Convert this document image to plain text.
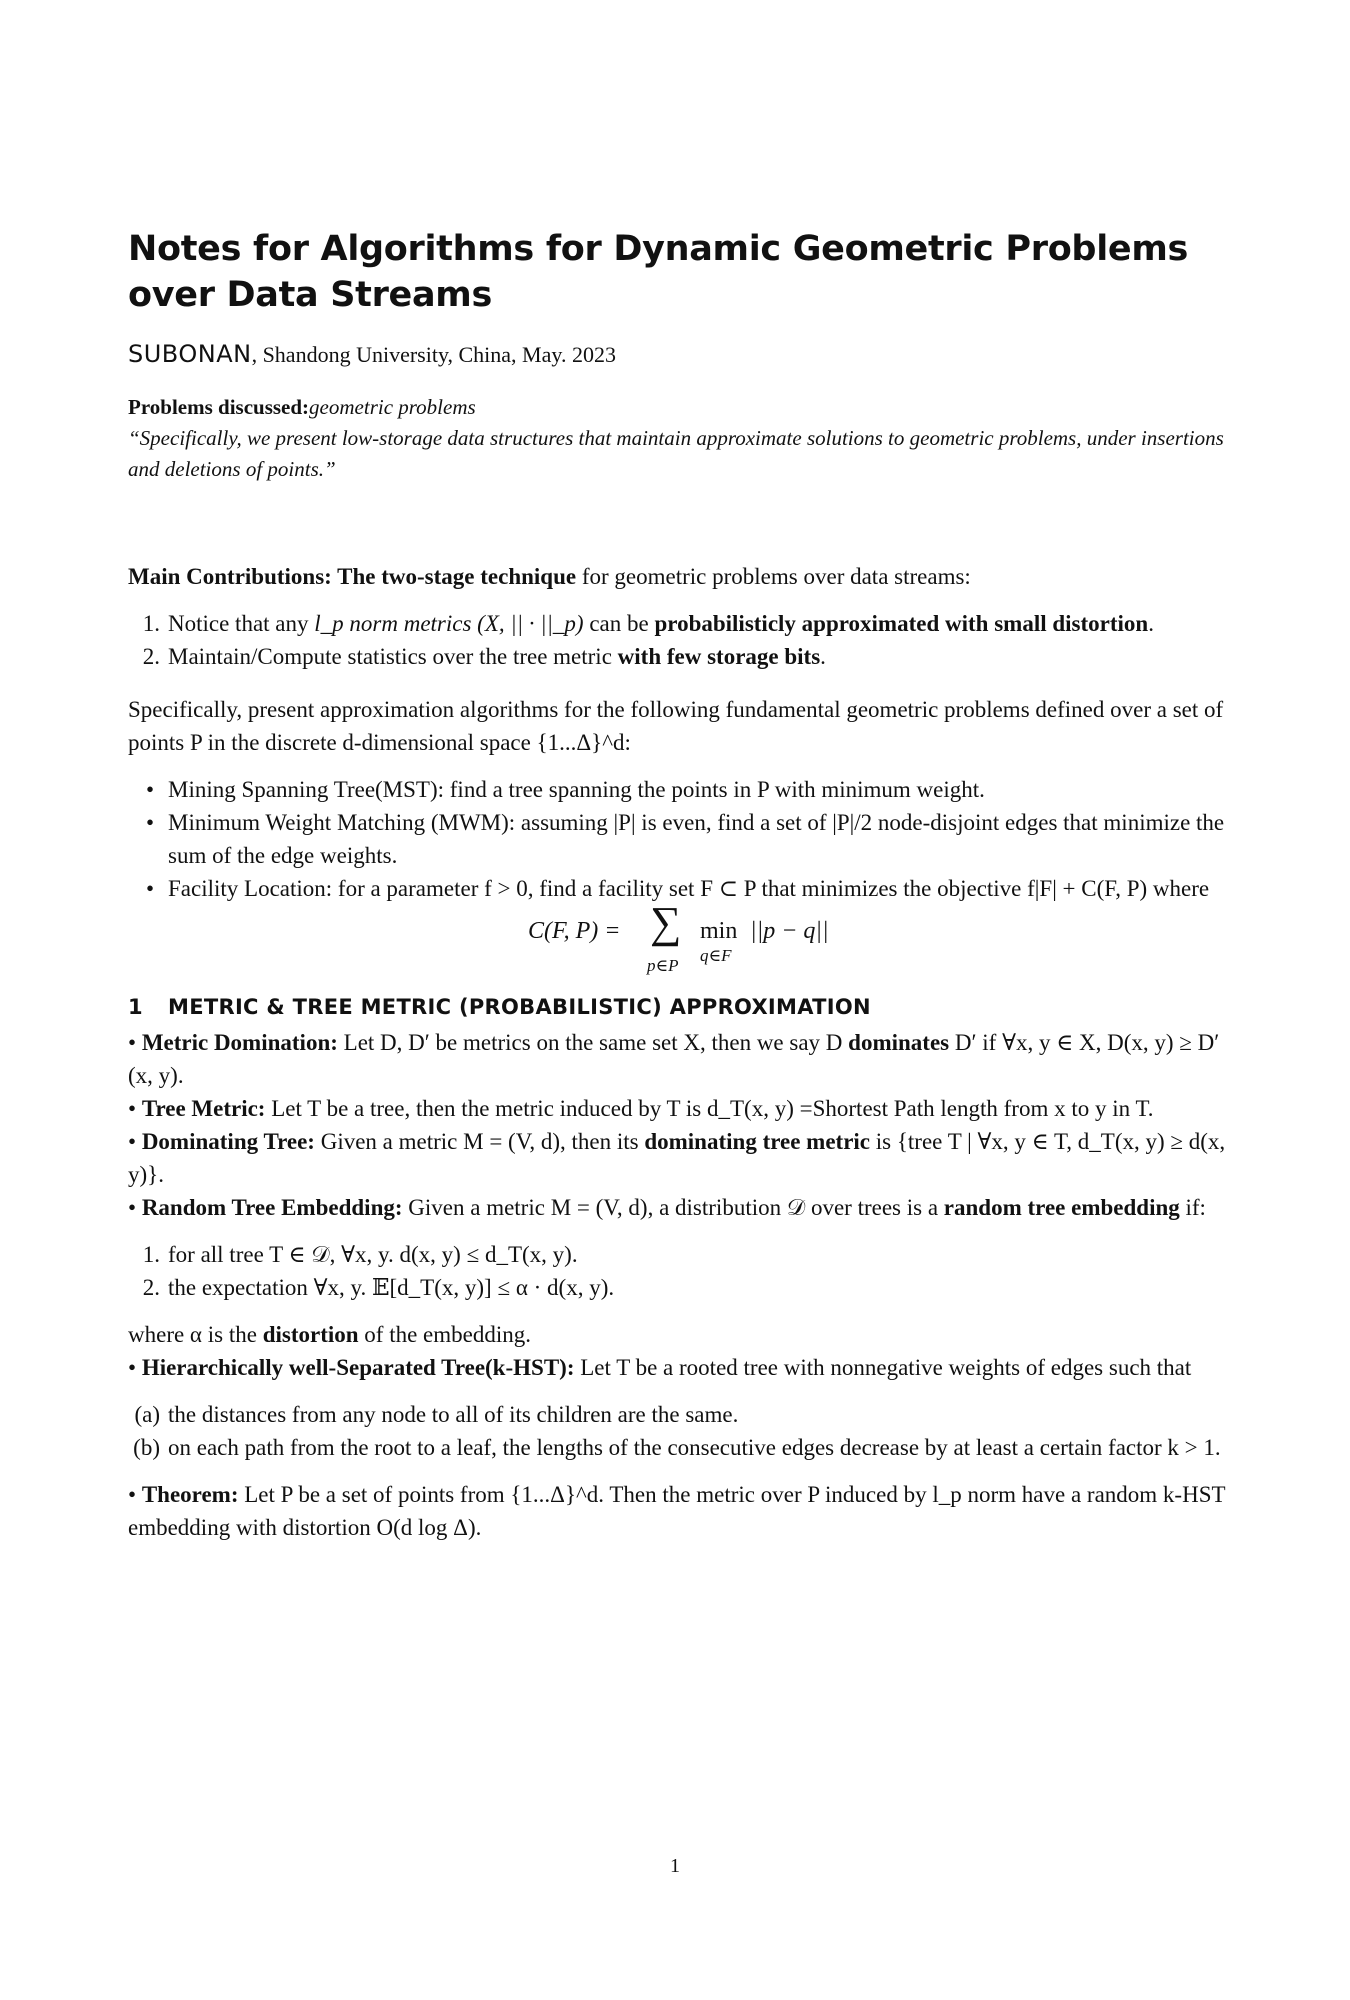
Notes for Algorithms for Dynamic Geometric Problems over Data Streams
SUBONAN, Shandong University, China, May. 2023
Problems discussed:geometric problems
“Specifically, we present low-storage data structures that maintain approximate solutions to geometric problems, under insertions and deletions of points.”

Main Contributions: The two-stage technique for geometric problems over data streams:

1. Notice that any l_p norm metrics (X, || · ||_p) can be probabilisticly approximated with small distortion.
2. Maintain/Compute statistics over the tree metric with few storage bits.

Specifically, present approximation algorithms for the following fundamental geometric problems defined over a set of points P in the discrete d-dimensional space {1...Δ}^d:

• Mining Spanning Tree(MST): find a tree spanning the points in P with minimum weight.
• Minimum Weight Matching (MWM): assuming |P| is even, find a set of |P|/2 node-disjoint edges that minimize the sum of the edge weights.
• Facility Location: for a parameter f > 0, find a facility set F ⊂ P that minimizes the objective f|F| + C(F, P) where
C(F, P) = ∑
p∈P
min
q∈F
||p − q||
1 METRIC & TREE METRIC (PROBABILISTIC) APPROXIMATION

• Metric Domination: Let D, D′ be metrics on the same set X, then we say D dominates D′ if ∀x, y ∈ X, D(x, y) ≥ D′(x, y).

• Tree Metric: Let T be a tree, then the metric induced by T is d_T(x, y) =Shortest Path length from x to y in T.

• Dominating Tree: Given a metric M = (V, d), then its dominating tree metric is {tree T | ∀x, y ∈ T, d_T(x, y) ≥ d(x, y)}.

• Random Tree Embedding: Given a metric M = (V, d), a distribution 𝒟 over trees is a random tree embedding if:

1. for all tree T ∈ 𝒟, ∀x, y. d(x, y) ≤ d_T(x, y).
2. the expectation ∀x, y. 𝔼[d_T(x, y)] ≤ α · d(x, y).

where α is the distortion of the embedding.

• Hierarchically well-Separated Tree(k-HST): Let T be a rooted tree with nonnegative weights of edges such that

(a) the distances from any node to all of its children are the same.
(b) on each path from the root to a leaf, the lengths of the consecutive edges decrease by at least a certain factor k > 1.

• Theorem: Let P be a set of points from {1...Δ}^d. Then the metric over P induced by l_p norm have a random k-HST embedding with distortion O(d log Δ).

1
